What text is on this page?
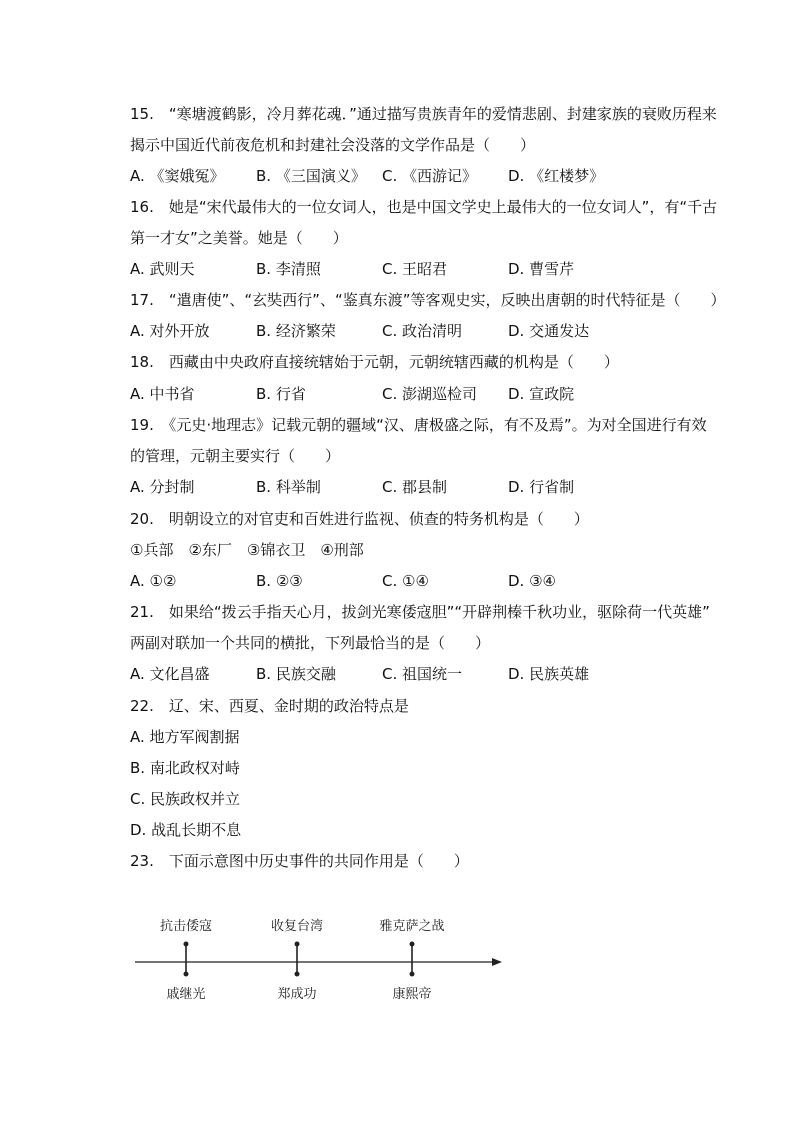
15.　“寒塘渡鹤影，冷月葬花魂．”通过描写贵族青年的爱情悲剧、封建家族的衰败历程来
揭示中国近代前夜危机和封建社会没落的文学作品是（　　）
A. 《窦娥冤》 B. 《三国演义》 C. 《西游记》 D. 《红楼梦》
16.　她是“宋代最伟大的一位女词人，也是中国文学史上最伟大的一位女词人”，有“千古
第一才女”之美誉。她是（　　）
A. 武则天	B. 李清照	C. 王昭君	D. 曹雪芹
17.　“遣唐使”、“玄奘西行”、“鉴真东渡”等客观史实，反映出唐朝的时代特征是（　　）
A. 对外开放	B. 经济繁荣	C. 政治清明	D. 交通发达
18.　西藏由中央政府直接统辖始于元朝，元朝统辖西藏的机构是（　　）
A. 中书省	B. 行省	C. 澎湖巡检司 D. 宣政院
19.　《元史·地理志》记载元朝的疆域“汉、唐极盛之际，有不及焉”。为对全国进行有效
的管理，元朝主要实行（　　）
A. 分封制	B. 科举制	C. 郡县制	D. 行省制
20.　明朝设立的对官吏和百姓进行监视、侦查的特务机构是（　　）
①兵部　②东厂　③锦衣卫　④刑部
A. ①②	B. ②③	C. ①④	D. ③④
21.　如果给“拨云手指天心月，拔剑光寒倭寇胆”“开辟荆榛千秋功业，驱除荷一代英雄”
两副对联加一个共同的横批，下列最恰当的是（　　）
A. 文化昌盛	B. 民族交融	C. 祖国统一	D. 民族英雄
22.　辽、宋、西夏、金时期的政治特点是
A. 地方军阀割据
B. 南北政权对峙
C. 民族政权并立
D. 战乱长期不息
23.　下面示意图中历史事件的共同作用是（　　）
抗击倭寇
戚继光
收复台湾
郑成功
雅克萨之战
康熙帝
